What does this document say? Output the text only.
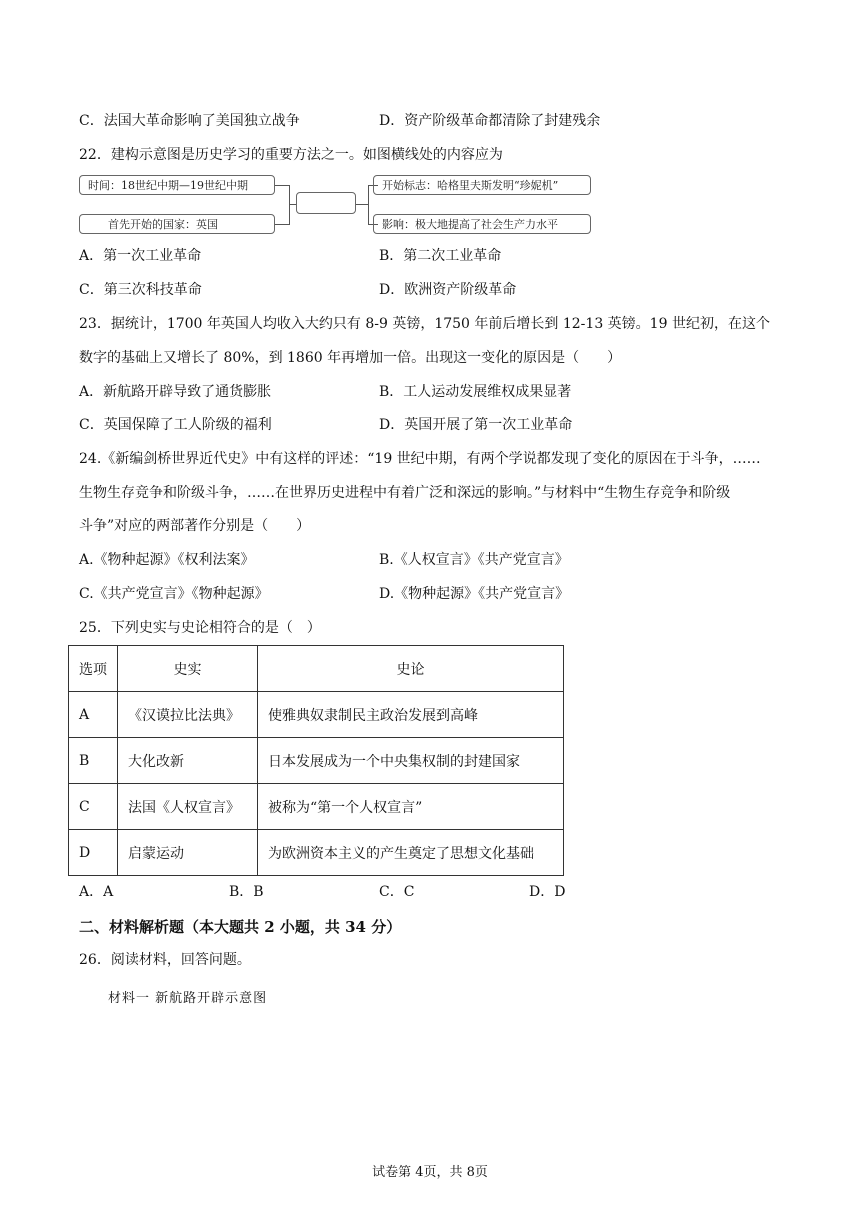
C．法国大革命影响了美国独立战争	D．资产阶级革命都清除了封建残余
22．建构示意图是历史学习的重要方法之一。如图横线处的内容应为
时间：18世纪中期—19世纪中期
首先开始的国家：英国
开始标志：哈格里夫斯发明“珍妮机”
影响：极大地提高了社会生产力水平
A．第一次工业革命	B．第二次工业革命
C．第三次科技革命	D．欧洲资产阶级革命
23．据统计，1700 年英国人均收入大约只有 8-9 英镑，1750 年前后增长到 12-13 英镑。19 世纪初，在这个
数字的基础上又增长了 80%，到 1860 年再增加一倍。出现这一变化的原因是（　　）
A．新航路开辟导致了通货膨胀	B．工人运动发展维权成果显著
C．英国保障了工人阶级的福利	D．英国开展了第一次工业革命
24.《新编剑桥世界近代史》中有这样的评述：“19 世纪中期，有两个学说都发现了变化的原因在于斗争，……
生物生存竞争和阶级斗争，……在世界历史进程中有着广泛和深远的影响。”与材料中“生物生存竞争和阶级
斗争”对应的两部著作分别是（　　）
A.《物种起源》《权利法案》	B.《人权宣言》《共产党宣言》
C.《共产党宣言》《物种起源》	D.《物种起源》《共产党宣言》
25．下列史实与史论相符合的是（　）
选项	史实	史论
A	《汉谟拉比法典》	使雅典奴隶制民主政治发展到高峰
B	大化改新	日本发展成为一个中央集权制的封建国家
C	法国《人权宣言》	被称为“第一个人权宣言”
D	启蒙运动	为欧洲资本主义的产生奠定了思想文化基础
A．A	B．B	C．C	D．D
二、材料解析题（本大题共 2 小题，共 34 分）
26．阅读材料，回答问题。
材料一 新航路开辟示意图
试卷第 4页，共 8页
